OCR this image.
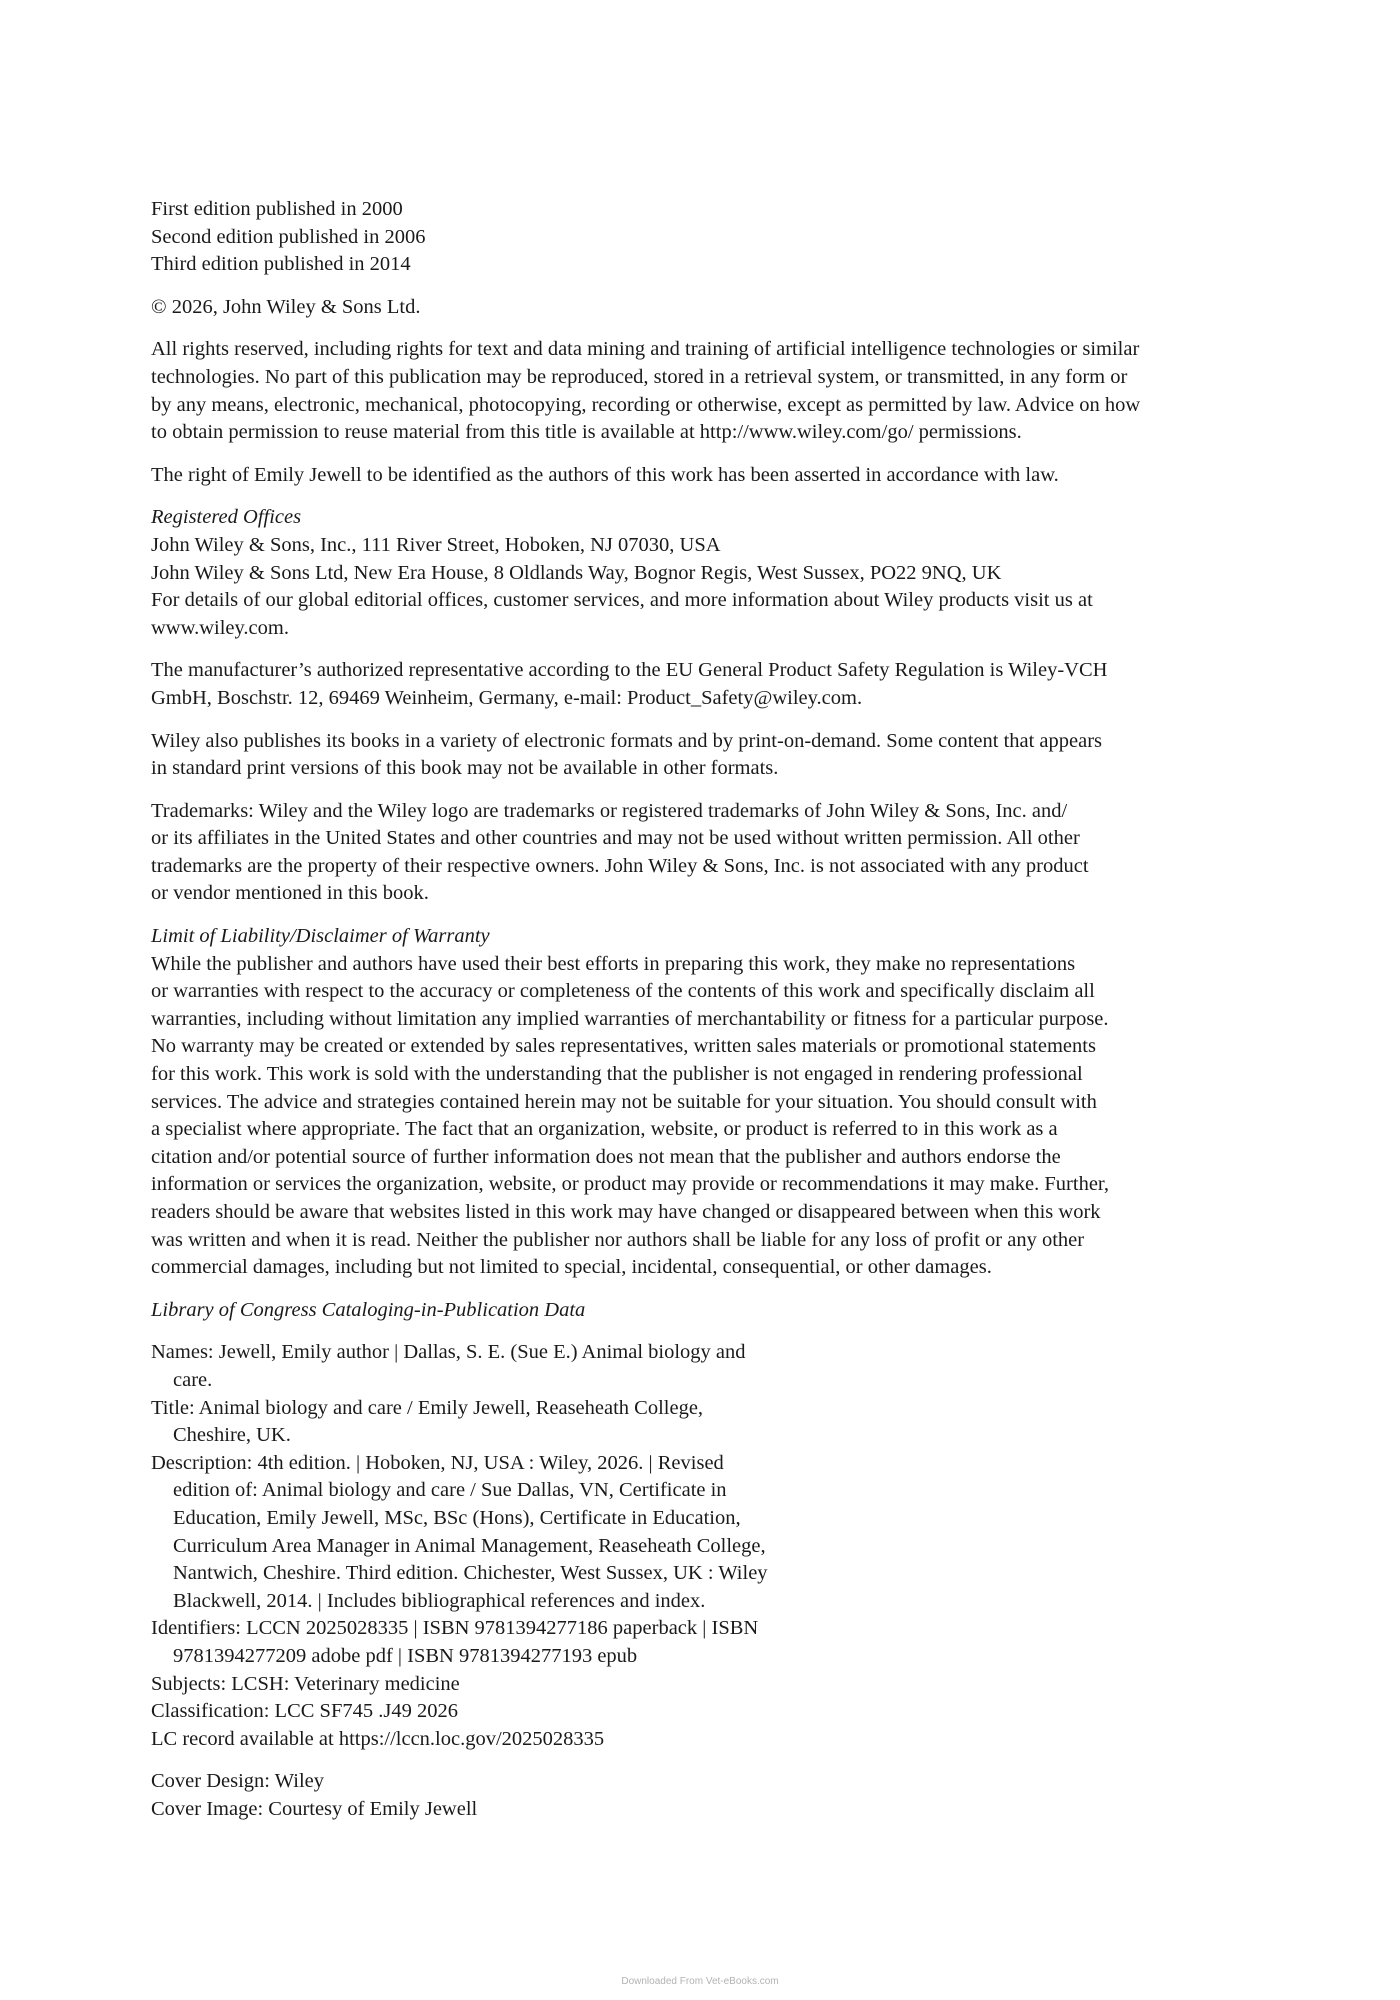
First edition published in 2000
Second edition published in 2006
Third edition published in 2014
© 2026, John Wiley & Sons Ltd.
All rights reserved, including rights for text and data mining and training of artificial intelligence technologies or similar
technologies. No part of this publication may be reproduced, stored in a retrieval system, or transmitted, in any form or
by any means, electronic, mechanical, photocopying, recording or otherwise, except as permitted by law. Advice on how
to obtain permission to reuse material from this title is available at http://www.wiley.com/go/ permissions.
The right of Emily Jewell to be identified as the authors of this work has been asserted in accordance with law.
Registered Offices
John Wiley & Sons, Inc., 111 River Street, Hoboken, NJ 07030, USA
John Wiley & Sons Ltd, New Era House, 8 Oldlands Way, Bognor Regis, West Sussex, PO22 9NQ, UK
For details of our global editorial offices, customer services, and more information about Wiley products visit us at
www.wiley.com.
The manufacturer’s authorized representative according to the EU General Product Safety Regulation is Wiley-VCH
GmbH, Boschstr. 12, 69469 Weinheim, Germany, e-mail: Product_Safety@wiley.com.
Wiley also publishes its books in a variety of electronic formats and by print-on-demand. Some content that appears
in standard print versions of this book may not be available in other formats.
Trademarks: Wiley and the Wiley logo are trademarks or registered trademarks of John Wiley & Sons, Inc. and/
or its affiliates in the United States and other countries and may not be used without written permission. All other
trademarks are the property of their respective owners. John Wiley & Sons, Inc. is not associated with any product
or vendor mentioned in this book.
Limit of Liability/Disclaimer of Warranty
While the publisher and authors have used their best efforts in preparing this work, they make no representations
or warranties with respect to the accuracy or completeness of the contents of this work and specifically disclaim all
warranties, including without limitation any implied warranties of merchantability or fitness for a particular purpose.
No warranty may be created or extended by sales representatives, written sales materials or promotional statements
for this work. This work is sold with the understanding that the publisher is not engaged in rendering professional
services. The advice and strategies contained herein may not be suitable for your situation. You should consult with
a specialist where appropriate. The fact that an organization, website, or product is referred to in this work as a
citation and/or potential source of further information does not mean that the publisher and authors endorse the
information or services the organization, website, or product may provide or recommendations it may make. Further,
readers should be aware that websites listed in this work may have changed or disappeared between when this work
was written and when it is read. Neither the publisher nor authors shall be liable for any loss of profit or any other
commercial damages, including but not limited to special, incidental, consequential, or other damages.
Library of Congress Cataloging-in-Publication Data
Names: Jewell, Emily author | Dallas, S. E. (Sue E.) Animal biology and
care.
Title: Animal biology and care / Emily Jewell, Reaseheath College,
Cheshire, UK.
Description: 4th edition. | Hoboken, NJ, USA : Wiley, 2026. | Revised
edition of: Animal biology and care / Sue Dallas, VN, Certificate in
Education, Emily Jewell, MSc, BSc (Hons), Certificate in Education,
Curriculum Area Manager in Animal Management, Reaseheath College,
Nantwich, Cheshire. Third edition. Chichester, West Sussex, UK : Wiley
Blackwell, 2014. | Includes bibliographical references and index.
Identifiers: LCCN 2025028335 | ISBN 9781394277186 paperback | ISBN
9781394277209 adobe pdf | ISBN 9781394277193 epub
Subjects: LCSH: Veterinary medicine
Classification: LCC SF745 .J49 2026
LC record available at https://lccn.loc.gov/2025028335
Cover Design: Wiley
Cover Image: Courtesy of Emily Jewell
Downloaded From Vet-eBooks.com
